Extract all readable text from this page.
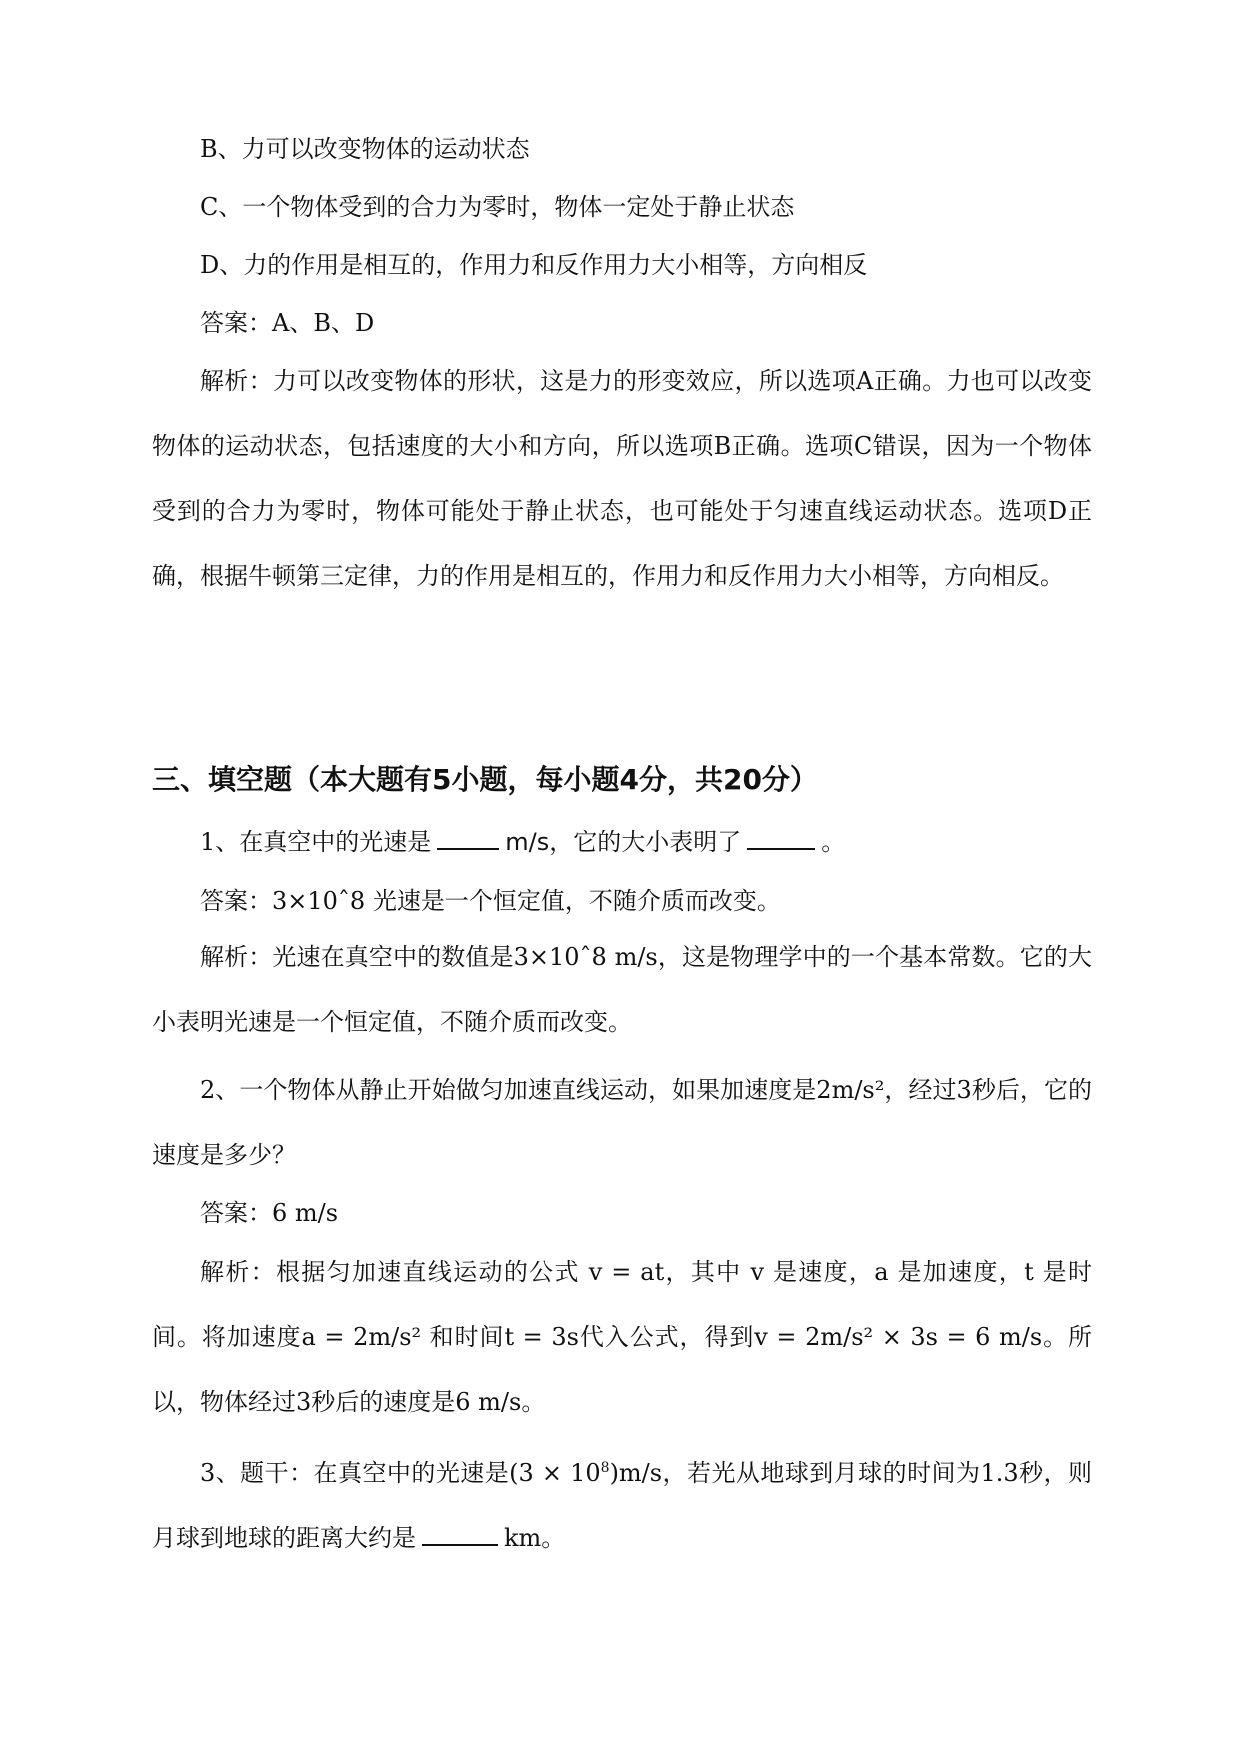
B、力可以改变物体的运动状态

C、一个物体受到的合力为零时，物体一定处于静止状态

D、力的作用是相互的，作用力和反作用力大小相等，方向相反

答案：A、B、D

解析：力可以改变物体的形状，这是力的形变效应，所以选项A正确。力也可以改变物体的运动状态，包括速度的大小和方向，所以选项B正确。选项C错误，因为一个物体受到的合力为零时，物体可能处于静止状态，也可能处于匀速直线运动状态。选项D正确，根据牛顿第三定律，力的作用是相互的，作用力和反作用力大小相等，方向相反。

三、填空题（本大题有5小题，每小题4分，共20分）

1、在真空中的光速是	m/s，它的大小表明了	。

答案：3×10ˆ8 光速是一个恒定值，不随介质而改变。

解析：光速在真空中的数值是3×10ˆ8 m/s，这是物理学中的一个基本常数。它的大小表明光速是一个恒定值，不随介质而改变。

2、一个物体从静止开始做匀加速直线运动，如果加速度是2m/s²，经过3秒后，它的速度是多少？

答案：6 m/s

解析：根据匀加速直线运动的公式 v = at，其中 v 是速度，a 是加速度，t 是时间。将加速度a = 2m/s² 和时间t = 3s代入公式，得到v = 2m/s² × 3s = 6 m/s。所以，物体经过3秒后的速度是6 m/s。

3、题干：在真空中的光速是$(3 \times 10^8)m/s$，若光从地球到月球的时间为1.3秒，则月球到地球的距离大约是	km。
